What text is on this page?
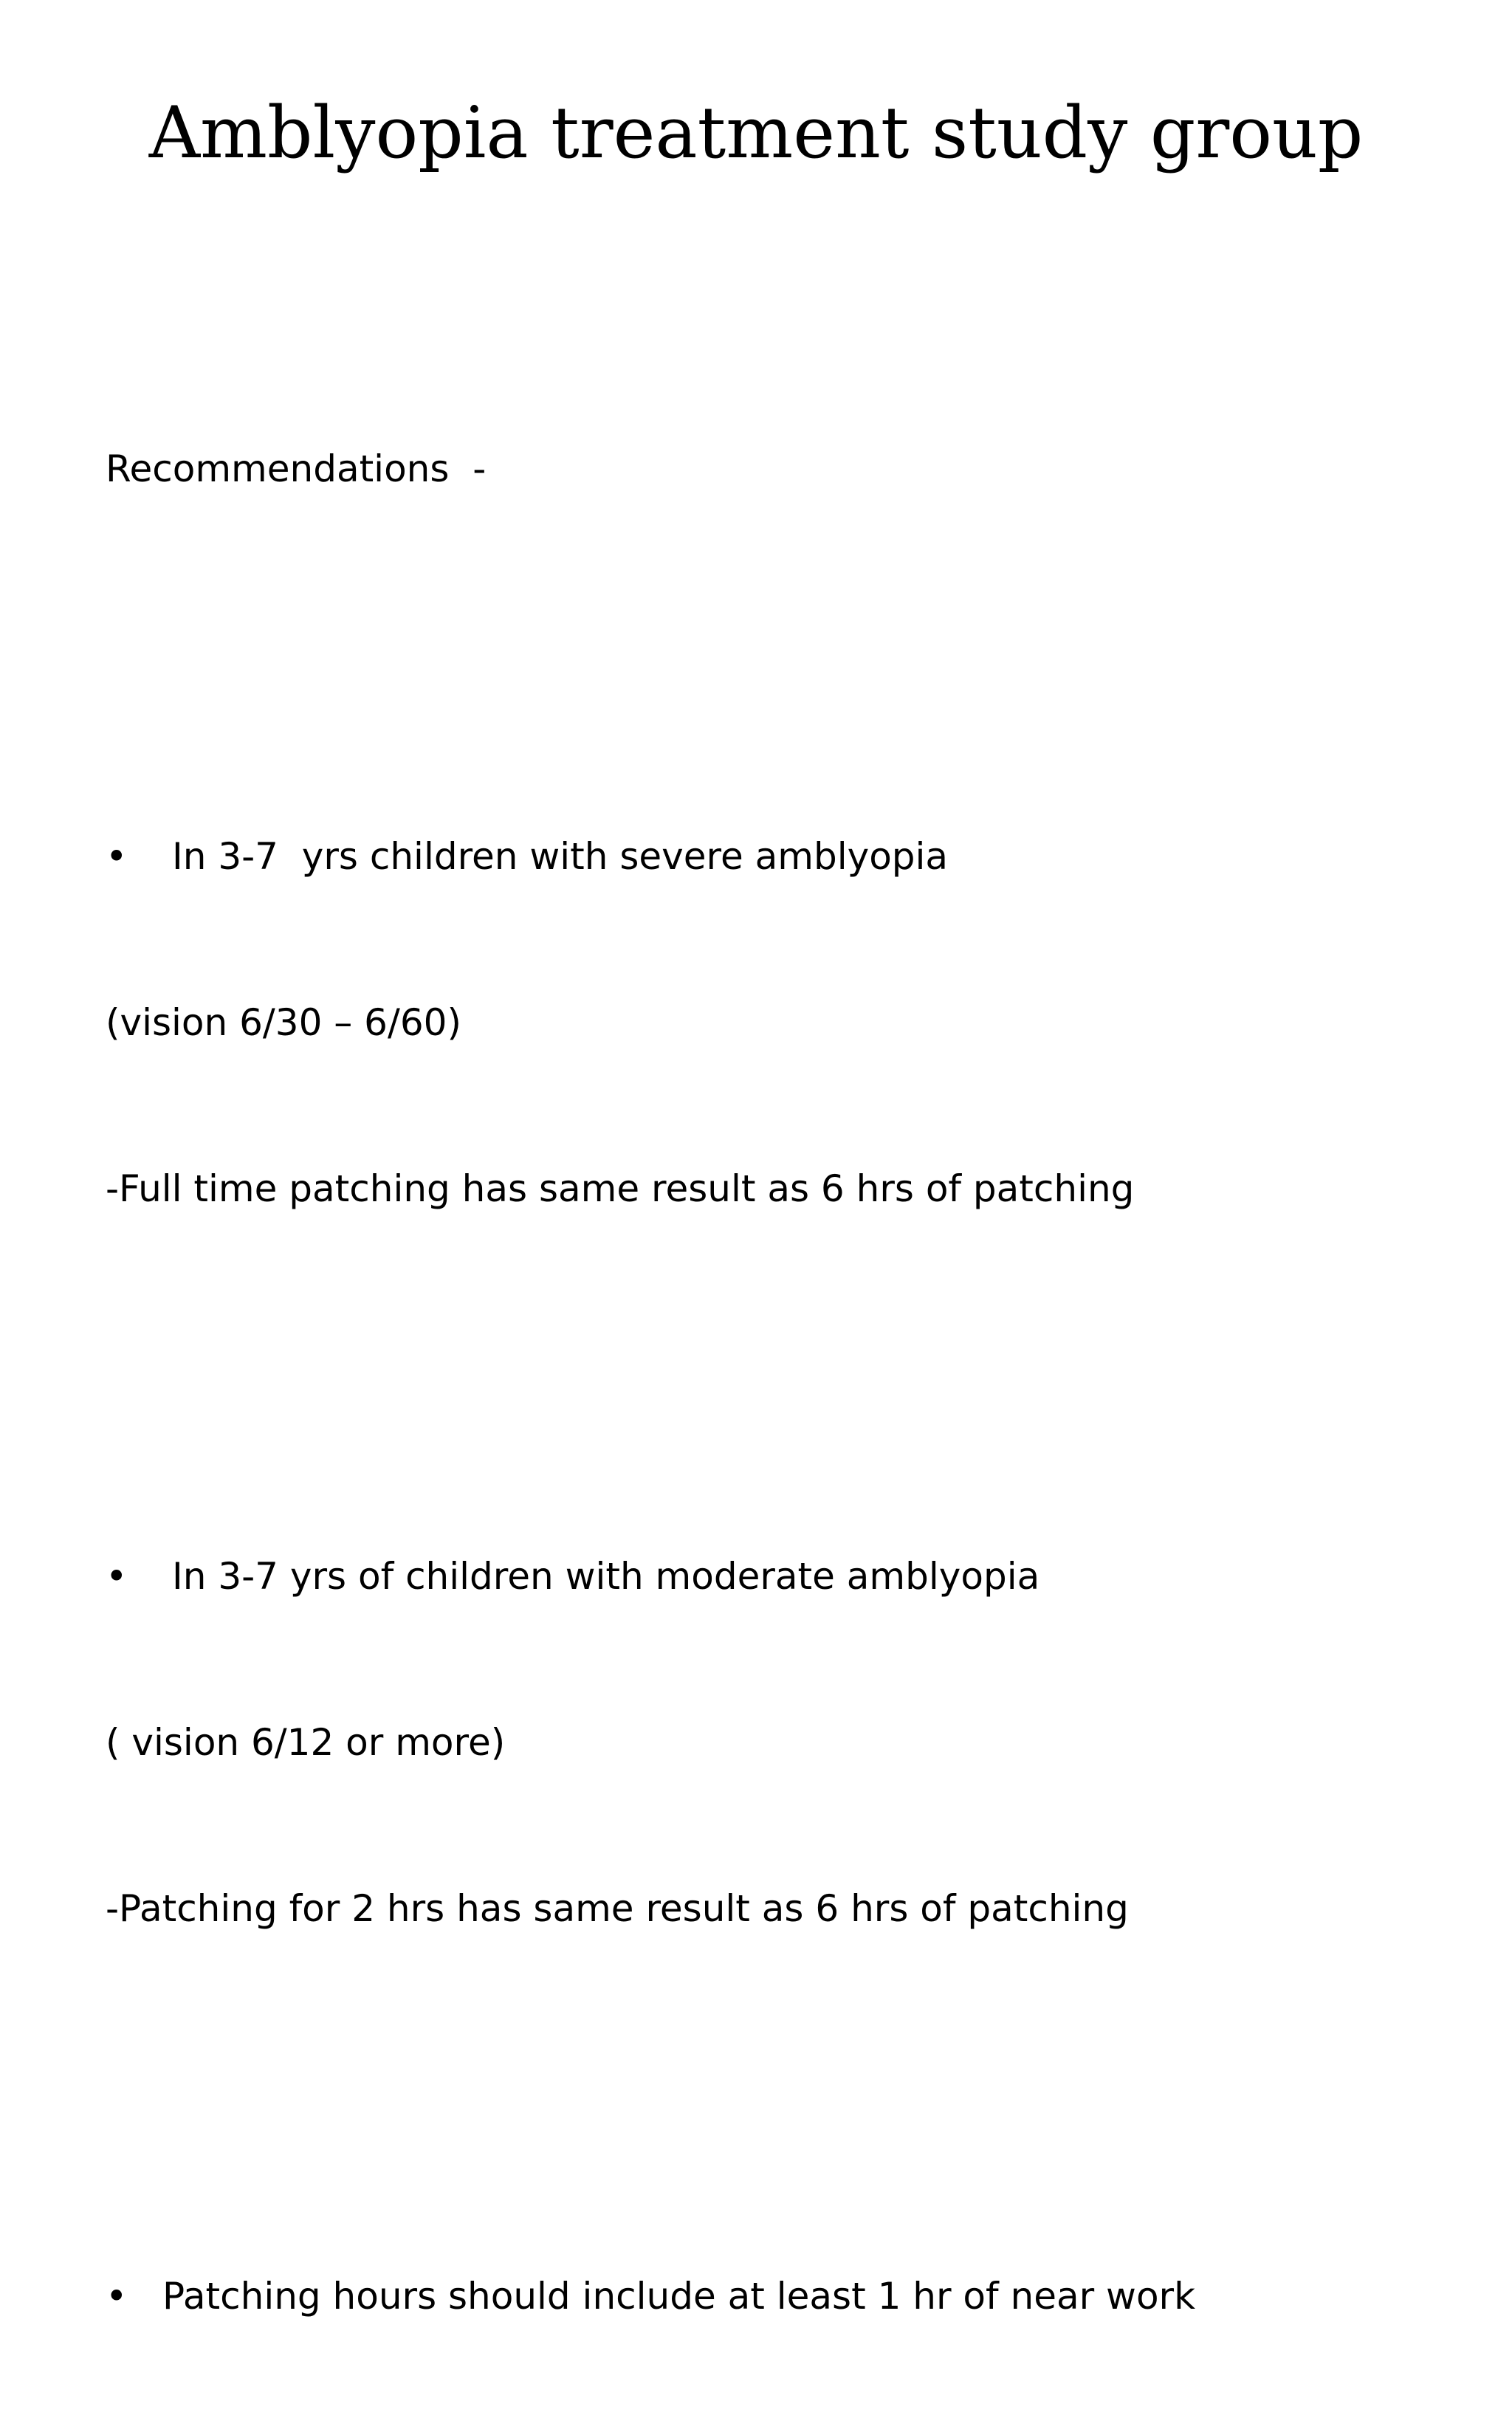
Amblyopia treatment study group

Recommendations  -

• In 3-7  yrs children with severe amblyopia

(vision 6/30 – 6/60)

-Full time patching has same result as 6 hrs of patching

• In 3-7 yrs of children with moderate amblyopia

( vision 6/12 or more)

-Patching for 2 hrs has same result as 6 hrs of patching

• Patching hours should include at least 1 hr of near work
